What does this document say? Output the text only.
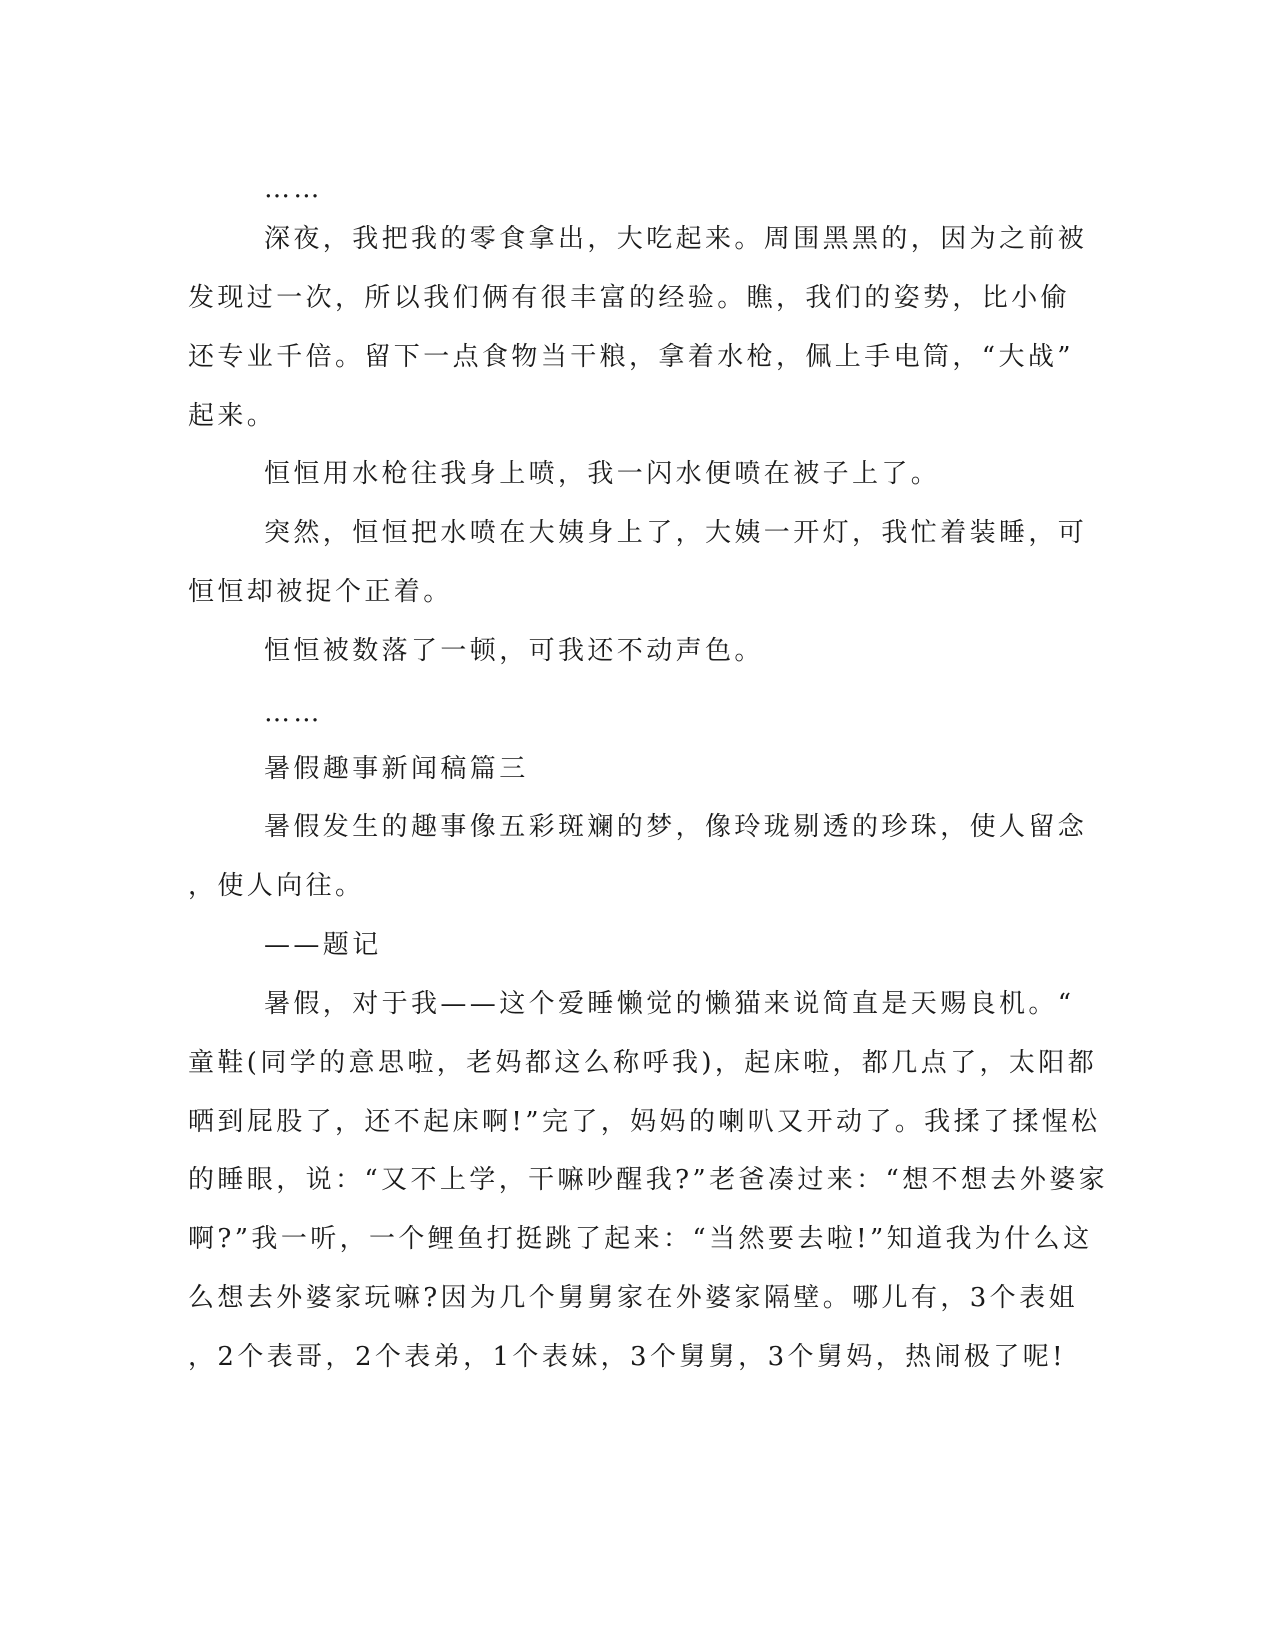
……
深夜，我把我的零食拿出，大吃起来。周围黑黑的，因为之前被
发现过一次，所以我们俩有很丰富的经验。瞧，我们的姿势，比小偷
还专业千倍。留下一点食物当干粮，拿着水枪，佩上手电筒，“大战”
起来。
恒恒用水枪往我身上喷，我一闪水便喷在被子上了。
突然，恒恒把水喷在大姨身上了，大姨一开灯，我忙着装睡，可
恒恒却被捉个正着。
恒恒被数落了一顿，可我还不动声色。
……
暑假趣事新闻稿篇三
暑假发生的趣事像五彩斑斓的梦，像玲珑剔透的珍珠，使人留念
，使人向往。
——题记
暑假，对于我——这个爱睡懒觉的懒猫来说简直是天赐良机。“
童鞋(同学的意思啦，老妈都这么称呼我)，起床啦，都几点了，太阳都
晒到屁股了，还不起床啊!”完了，妈妈的喇叭又开动了。我揉了揉惺松
的睡眼，说：“又不上学，干嘛吵醒我?”老爸凑过来：“想不想去外婆家
啊?”我一听，一个鲤鱼打挺跳了起来：“当然要去啦!”知道我为什么这
么想去外婆家玩嘛?因为几个舅舅家在外婆家隔壁。哪儿有，3个表姐
，2个表哥，2个表弟，1个表妹，3个舅舅，3个舅妈，热闹极了呢!
